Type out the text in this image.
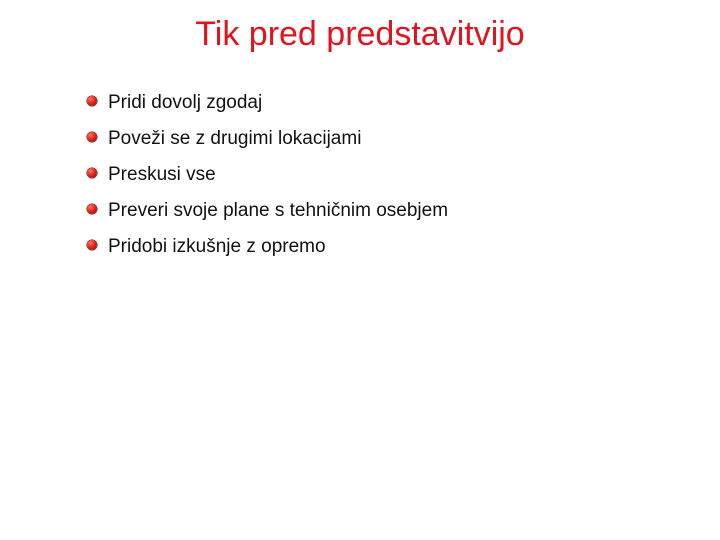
Tik pred predstavitvijo
Pridi dovolj zgodaj
Poveži se z drugimi lokacijami
Preskusi vse
Preveri svoje plane s tehničnim osebjem
Pridobi izkušnje z opremo
